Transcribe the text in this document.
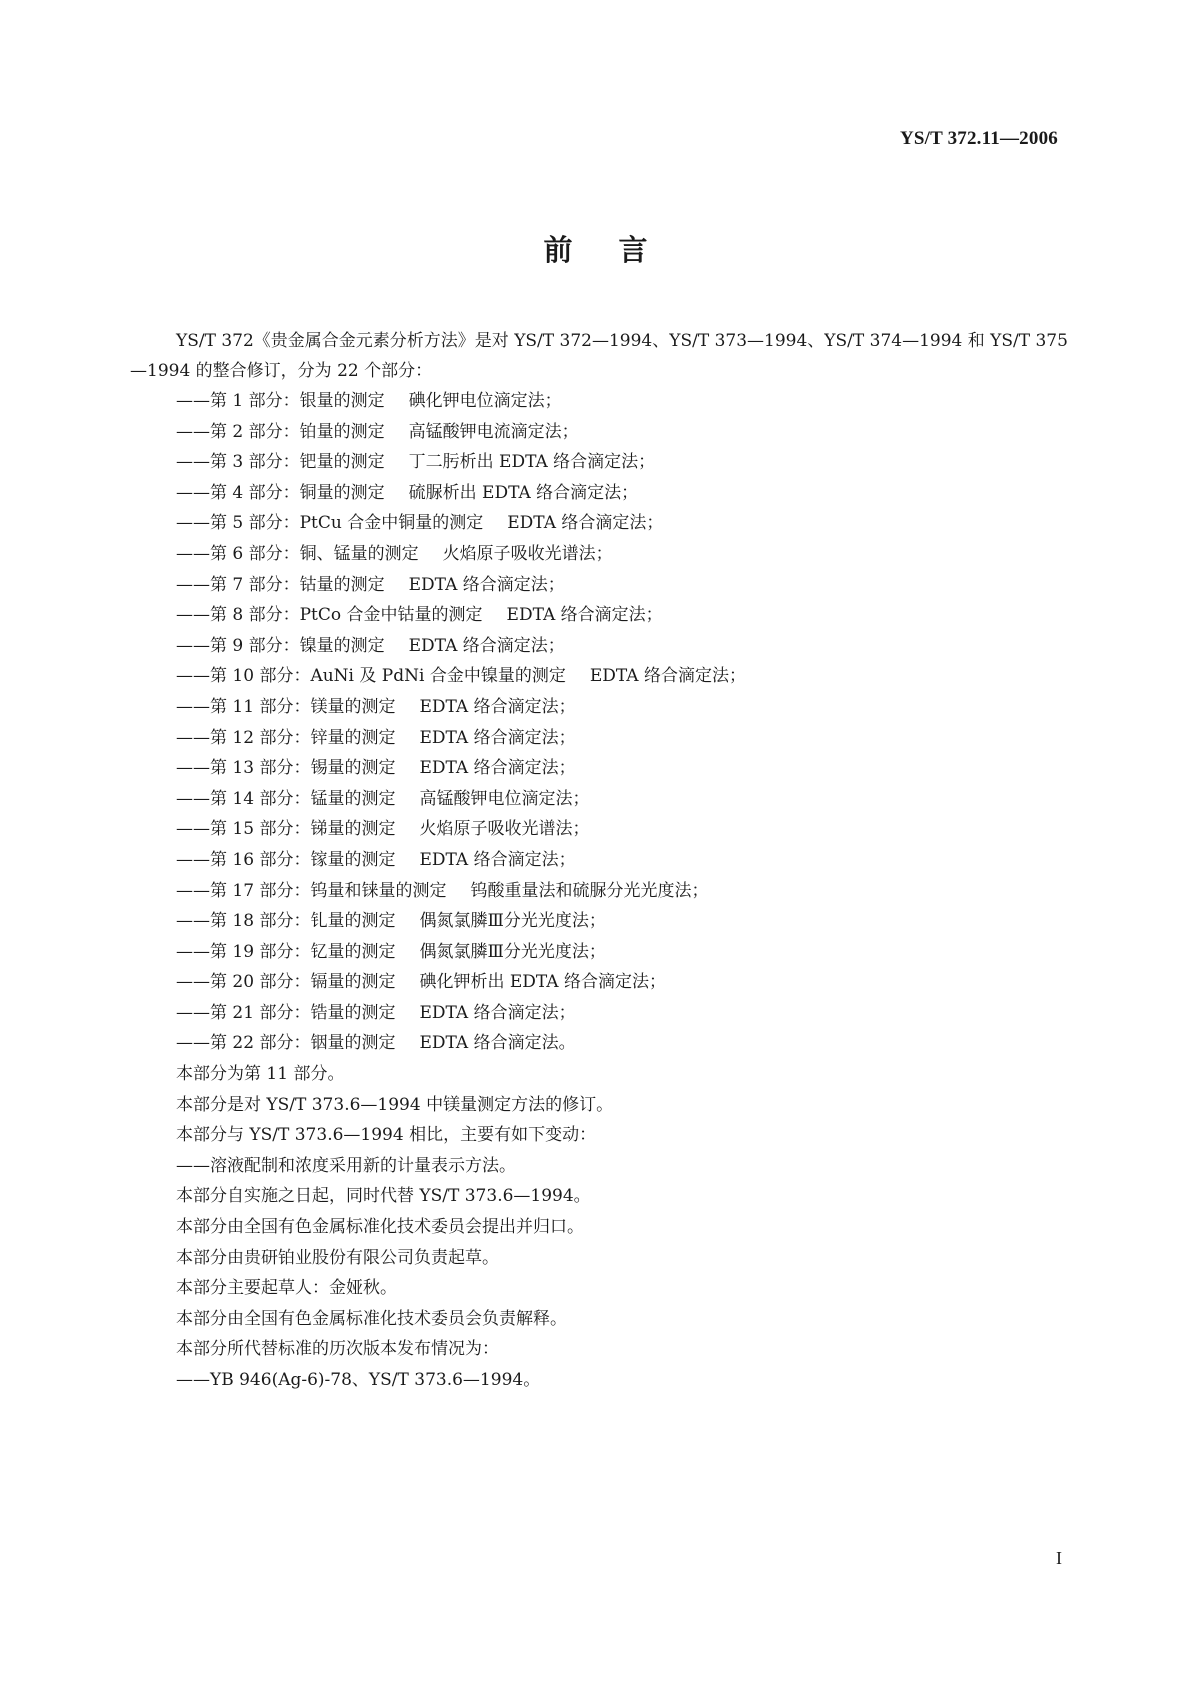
YS/T 372.11—2006
前言

YS/T 372《贵金属合金元素分析方法》是对 YS/T 372—1994、YS/T 373—1994、YS/T 374—1994 和 YS/T 375—1994 的整合修订，分为 22 个部分：

——第 1 部分：银量的测定 碘化钾电位滴定法；

——第 2 部分：铂量的测定 高锰酸钾电流滴定法；

——第 3 部分：钯量的测定 丁二肟析出 EDTA 络合滴定法；

——第 4 部分：铜量的测定 硫脲析出 EDTA 络合滴定法；

——第 5 部分：PtCu 合金中铜量的测定 EDTA 络合滴定法；

——第 6 部分：铜、锰量的测定 火焰原子吸收光谱法；

——第 7 部分：钴量的测定 EDTA 络合滴定法；

——第 8 部分：PtCo 合金中钴量的测定 EDTA 络合滴定法；

——第 9 部分：镍量的测定 EDTA 络合滴定法；

——第 10 部分：AuNi 及 PdNi 合金中镍量的测定 EDTA 络合滴定法；

——第 11 部分：镁量的测定 EDTA 络合滴定法；

——第 12 部分：锌量的测定 EDTA 络合滴定法；

——第 13 部分：锡量的测定 EDTA 络合滴定法；

——第 14 部分：锰量的测定 高锰酸钾电位滴定法；

——第 15 部分：锑量的测定 火焰原子吸收光谱法；

——第 16 部分：镓量的测定 EDTA 络合滴定法；

——第 17 部分：钨量和铼量的测定 钨酸重量法和硫脲分光光度法；

——第 18 部分：钆量的测定 偶氮氯膦Ⅲ分光光度法；

——第 19 部分：钇量的测定 偶氮氯膦Ⅲ分光光度法；

——第 20 部分：镉量的测定 碘化钾析出 EDTA 络合滴定法；

——第 21 部分：锆量的测定 EDTA 络合滴定法；

——第 22 部分：铟量的测定 EDTA 络合滴定法。

本部分为第 11 部分。

本部分是对 YS/T 373.6—1994 中镁量测定方法的修订。

本部分与 YS/T 373.6—1994 相比，主要有如下变动：

——溶液配制和浓度采用新的计量表示方法。

本部分自实施之日起，同时代替 YS/T 373.6—1994。

本部分由全国有色金属标准化技术委员会提出并归口。

本部分由贵研铂业股份有限公司负责起草。

本部分主要起草人：金娅秋。

本部分由全国有色金属标准化技术委员会负责解释。

本部分所代替标准的历次版本发布情况为：

——YB 946(Ag-6)-78、YS/T 373.6—1994。

I
